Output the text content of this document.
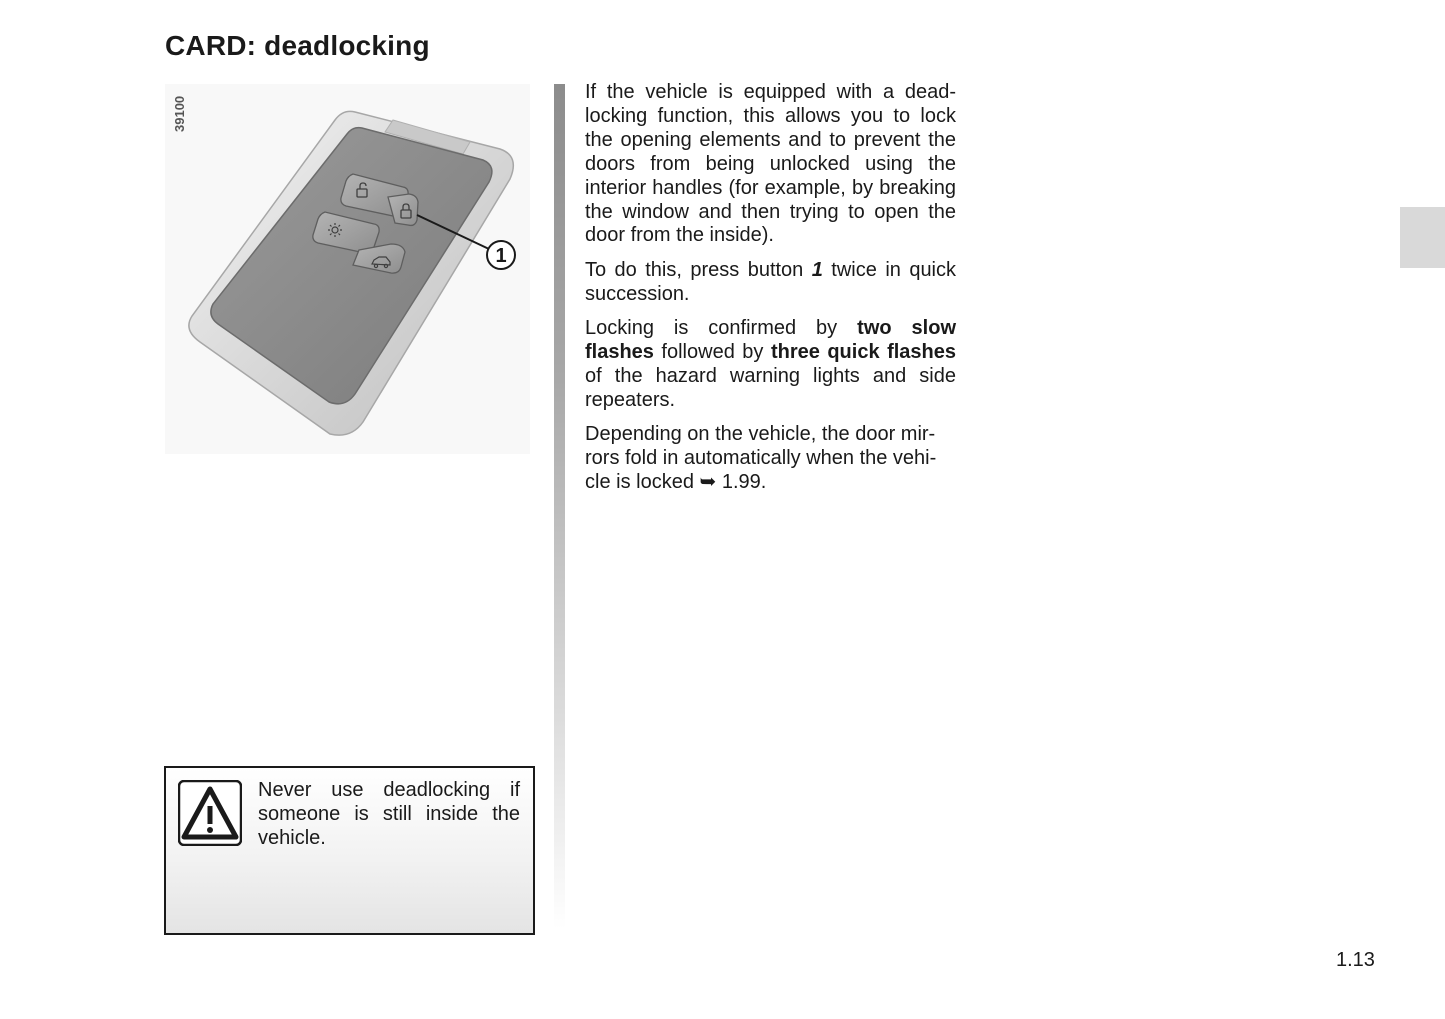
CARD: deadlocking
39100
1

If the vehicle is equipped with a dead-locking function, this allows you to lock the opening elements and to prevent the doors from being unlocked using the interior handles (for example, by breaking the window and then trying to open the door from the inside).

To do this, press button 1 twice in quick succession.

Locking is confirmed by two slow flashes followed by three quick flashes of the hazard warning lights and side repeaters.

Depending on the vehicle, the door mir-
rors fold in automatically when the vehi-
cle is locked ➥ 1.99.

Never use deadlocking if someone is still inside the vehicle.
1.13
